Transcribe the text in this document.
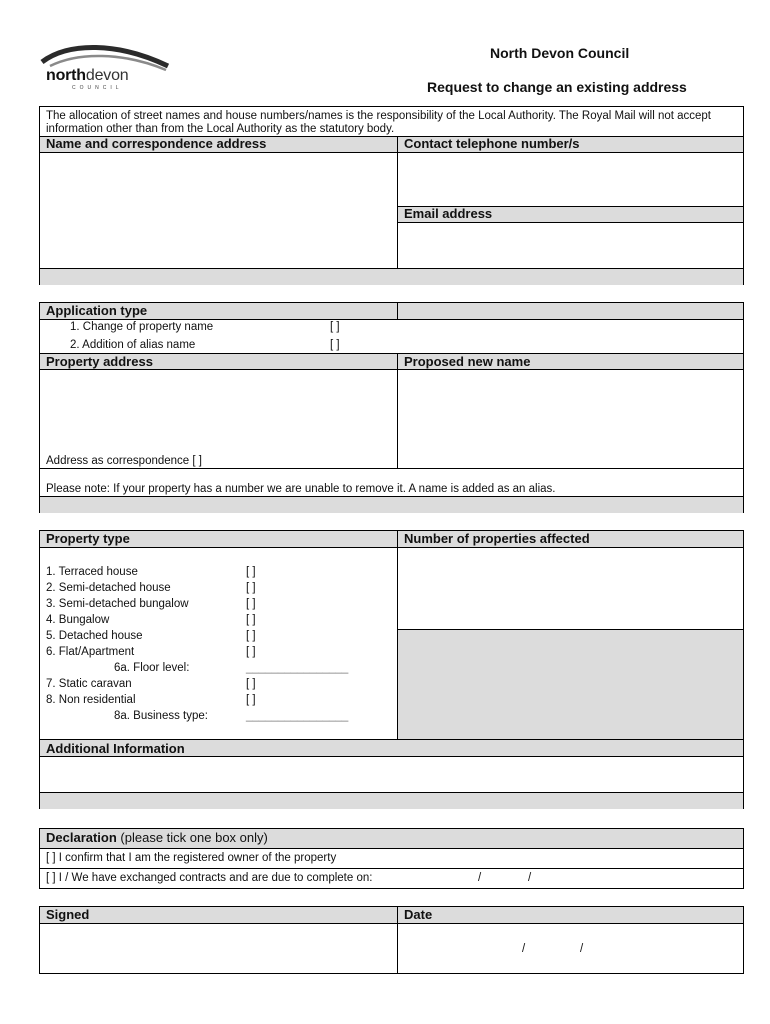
northdevon
COUNCIL
North Devon Council
Request to change an existing address
The allocation of street names and house numbers/names is the responsibility of the Local Authority. The Royal Mail will not accept information other than from the Local Authority as the statutory body.
Name and correspondence address	Contact telephone number/s
Email address
Application type
1. Change of property name	[ ]
2. Addition of alias name	[ ]
Property address	Proposed new name
Address as correspondence [ ]
Please note: If your property has a number we are unable to remove it. A name is added as an alias.
Property type	Number of properties affected
1. Terraced house	[ ]
2. Semi-detached house	[ ]
3. Semi-detached bungalow	[ ]
4. Bungalow	[ ]
5. Detached house	[ ]
6. Flat/Apartment	[ ]
6a. Floor level:	________________
7. Static caravan	[ ]
8. Non residential	[ ]
8a. Business type:	________________
Additional Information
Declaration (please tick one box only)
[ ] I confirm that I am the registered owner of the property
[ ] I / We have exchanged contracts and are due to complete on:	/	/
Signed	Date
/	/
